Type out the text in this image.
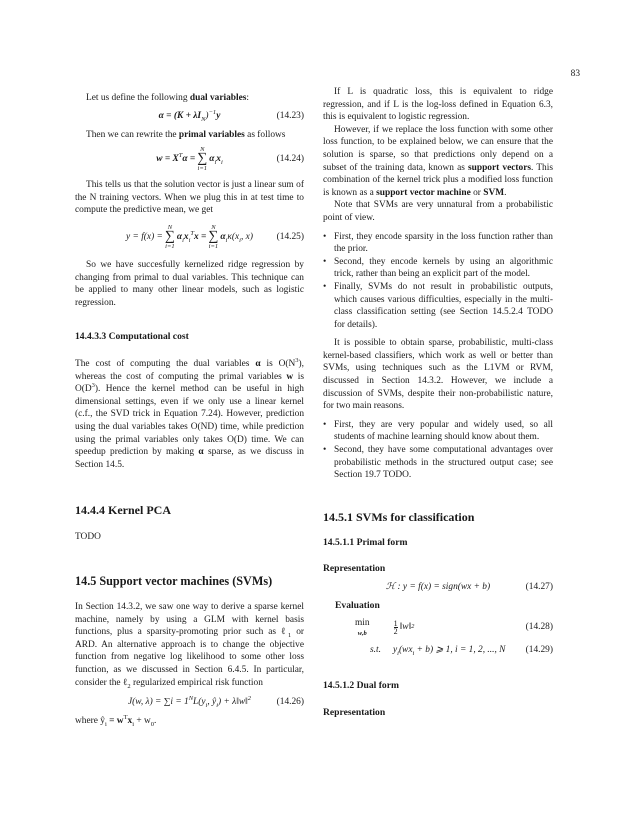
83

Let us define the following dual variables:

$\alpha = (K + \lambda I_N)^{-1}y$	(14.23)

Then we can rewrite the primal variables as follows

$w = X^T\alpha$ =
N
∑
i=1
$\alpha_ix_i$	(14.24)

This tells us that the solution vector is just a linear sum of the N training vectors. When we plug this in at test time to compute the predictive mean, we get

y = f(x) =
N
∑
i=1
$\alpha_ix_i^Tx$ =
N
∑
i=1
$\alpha_i\kappa(x_i$, x)	(14.25)

So we have succesfully kernelized ridge regression by changing from primal to dual variables. This technique can be applied to many other linear models, such as logistic regression.

14.4.3.3 Computational cost

The cost of computing the dual variables α is $O(N^3)$, whereas the cost of computing the primal variables w is $O(D^3)$. Hence the kernel method can be useful in high dimensional settings, even if we only use a linear kernel (c.f., the SVD trick in Equation 7.24). However, prediction using the dual variables takes O(ND) time, while prediction using the primal variables only takes O(D) time. We can speedup prediction by making α sparse, as we discuss in Section 14.5.

14.4.4 Kernel PCA

TODO

14.5 Support vector machines (SVMs)

In Section 14.3.2, we saw one way to derive a sparse kernel machine, namely by using a GLM with kernel basis functions, plus a sparsity-promoting prior such as ℓ$_1$ or ARD. An alternative approach is to change the objective function from negative log likelihood to some other loss function, as we discussed in Section 6.4.5. In particular, consider the ℓ$_2$ regularized empirical risk function

J(w, $\lambda) = \sum i = 1^NL(y_i$, $ŷ_i$) + λ‖w‖$^2$	(14.26)

where $ŷ_i = w^Tx_i + w_0$.

If L is quadratic loss, this is equivalent to ridge regression, and if L is the log-loss defined in Equation 6.3, this is equivalent to logistic regression.

However, if we replace the loss function with some other loss function, to be explained below, we can ensure that the solution is sparse, so that predictions only depend on a subset of the training data, known as support vectors. This combination of the kernel trick plus a modified loss function is known as a support vector machine or SVM.

Note that SVMs are very unnatural from a probabilistic point of view.

• First, they encode sparsity in the loss function rather than the prior.
• Second, they encode kernels by using an algorithmic trick, rather than being an explicit part of the model.
• Finally, SVMs do not result in probabilistic outputs, which causes various difficulties, especially in the multi-class classification setting (see Section 14.5.2.4 TODO for details).

It is possible to obtain sparse, probabilistic, multi-class kernel-based classifiers, which work as well or better than SVMs, using techniques such as the L1VM or RVM, discussed in Section 14.3.2. However, we include a discussion of SVMs, despite their non-probabilistic nature, for two main reasons.

• First, they are very popular and widely used, so all students of machine learning should know about them.
• Second, they have some computational advantages over probabilistic methods in the structured output case; see Section 19.7 TODO.
14.5.1 SVMs for classification
14.5.1.1 Primal form
Representation
ℋ : y = f(x) = sign(wx + b)	(14.27)
Evaluation
min
w,b
1
2 ‖w‖ 2	(14.28)
s.t. $y_i(wx_i + b)$ ⩾ 1, i = 1, 2, ..., N (14.29)
14.5.1.2 Dual form
Representation
